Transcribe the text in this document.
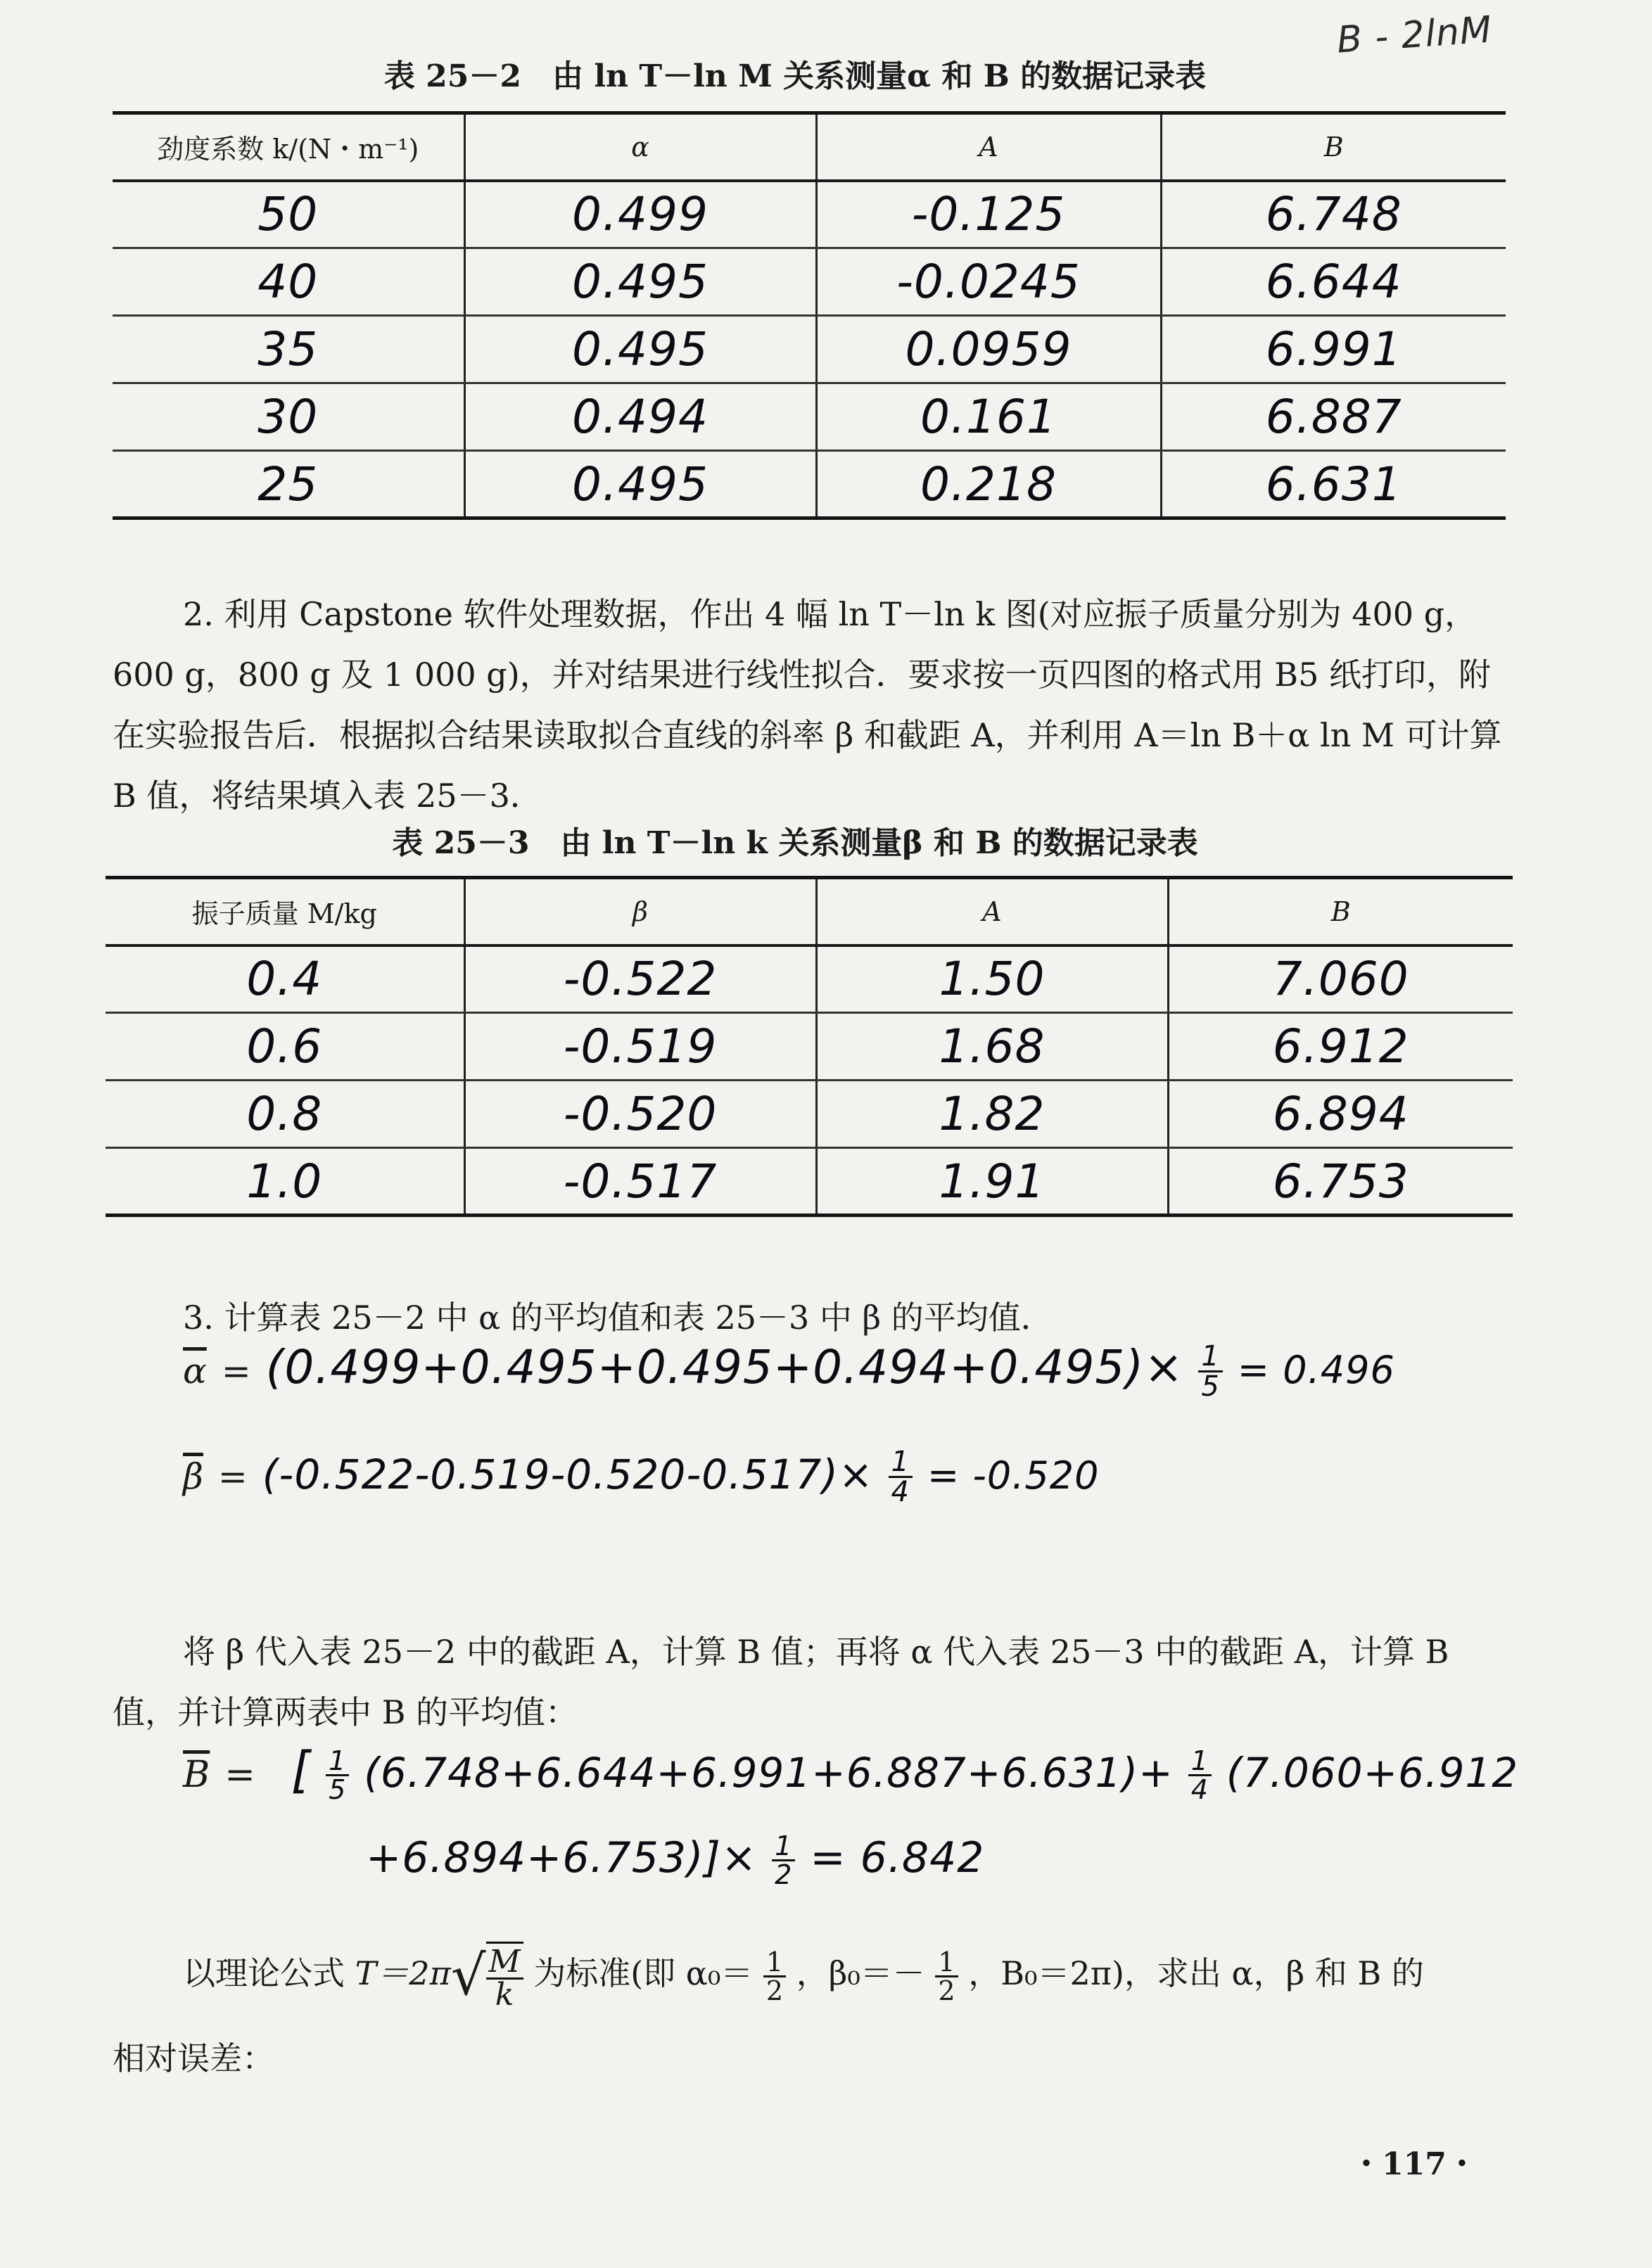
B - 2lnM
表 25－2　由 ln T－ln M 关系测量α 和 B 的数据记录表
劲度系数 k/(N・m⁻¹)	α	A	B
50	0.499	-0.125	6.748
40	0.495	-0.0245	6.644
35	0.495	0.0959	6.991
30	0.494	0.161	6.887
25	0.495	0.218	6.631
2. 利用 Capstone 软件处理数据，作出 4 幅 ln T－ln k 图(对应振子质量分别为 400 g，600 g，800 g 及 1 000 g)，并对结果进行线性拟合．要求按一页四图的格式用 B5 纸打印，附在实验报告后．根据拟合结果读取拟合直线的斜率 β 和截距 A，并利用 A＝ln B＋α ln M 可计算 B 值，将结果填入表 25－3．
表 25－3　由 ln T－ln k 关系测量β 和 B 的数据记录表
振子质量 M/kg	β	A	B
0.4	-0.522	1.50	7.060
0.6	-0.519	1.68	6.912
0.8	-0.520	1.82	6.894
1.0	-0.517	1.91	6.753
3. 计算表 25－2 中 α 的平均值和表 25－3 中 β 的平均值．
$\overline{\alpha} = (0.499+0.495+0.495+0.494+0.495)\times \frac{1}{5} = 0.496$
$\overline{\beta} = (-0.522-0.519-0.520-0.517)\times \frac{1}{4} = -0.520$
将 β 代入表 25－2 中的截距 A，计算 B 值；再将 α 代入表 25－3 中的截距 A，计算 B 值，并计算两表中 B 的平均值：
$\overline{B}$ = [ $\frac{1}{5} (6.748+6.644+6.991+6.887+6.631)+ \frac{1}{4} (7.060+6.912$
$+6.894+6.753)]\times \frac{1}{2} = 6.842$
以理论公式 $T=2\pi√ \frac{M}{k}$ 为标准(即 $\alpha_0= \frac{1}{2}$ ，$\beta_0=- \frac{1}{2}$ ，B₀＝2π)，求出 α，β 和 B 的
相对误差：
・117・
